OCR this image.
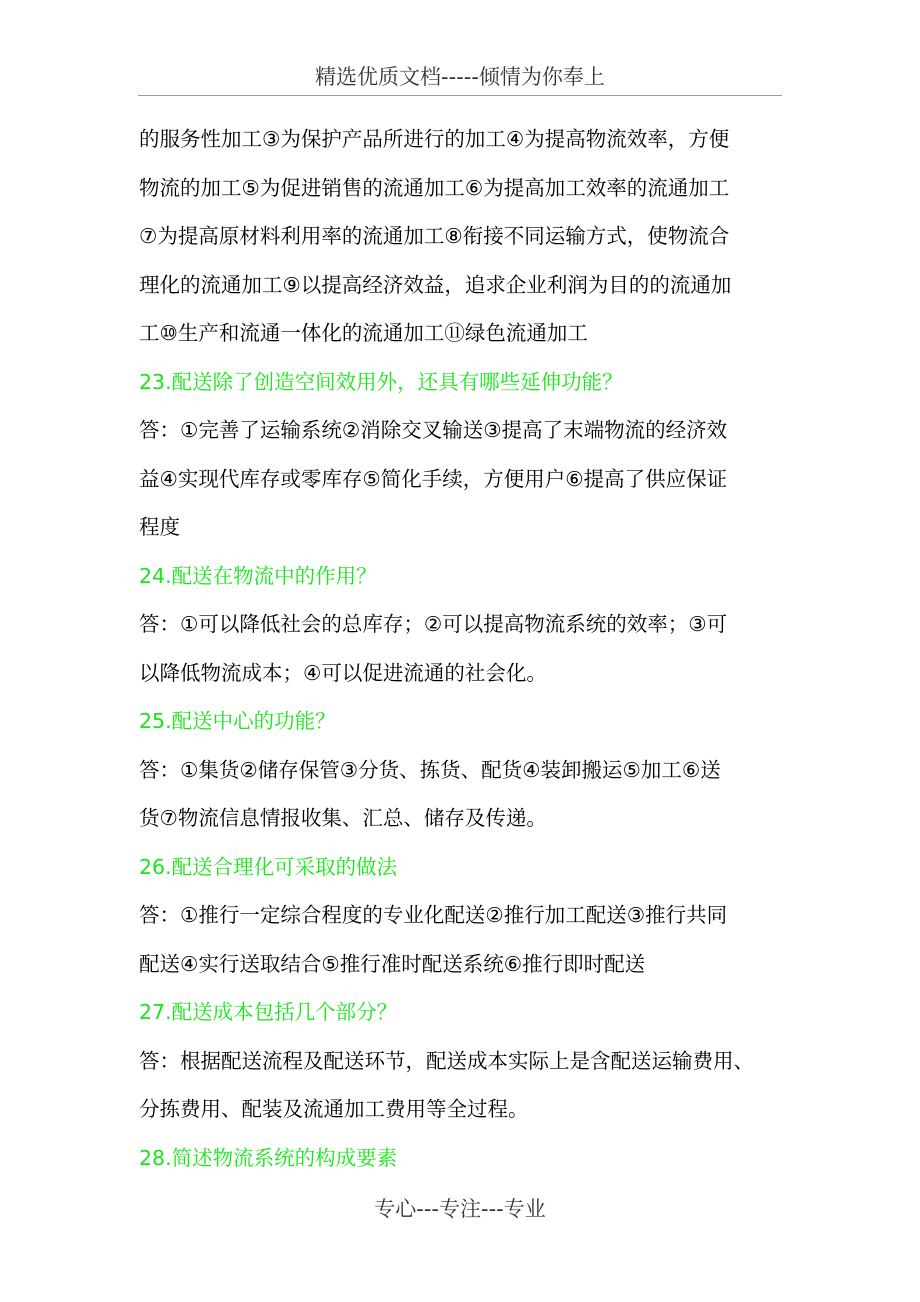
精选优质文档-----倾情为你奉上
的服务性加工③为保护产品所进行的加工④为提高物流效率，方便
物流的加工⑤为促进销售的流通加工⑥为提高加工效率的流通加工
⑦为提高原材料利用率的流通加工⑧衔接不同运输方式，使物流合
理化的流通加工⑨以提高经济效益，追求企业利润为目的的流通加
工⑩生产和流通一体化的流通加工⑪绿色流通加工
23.配送除了创造空间效用外，还具有哪些延伸功能？
答：①完善了运输系统②消除交叉输送③提高了末端物流的经济效
益④实现代库存或零库存⑤简化手续，方便用户⑥提高了供应保证
程度
24.配送在物流中的作用？
答：①可以降低社会的总库存；②可以提高物流系统的效率；③可
以降低物流成本；④可以促进流通的社会化。
25.配送中心的功能？
答：①集货②储存保管③分货、拣货、配货④装卸搬运⑤加工⑥送
货⑦物流信息情报收集、汇总、储存及传递。
26.配送合理化可采取的做法
答：①推行一定综合程度的专业化配送②推行加工配送③推行共同
配送④实行送取结合⑤推行准时配送系统⑥推行即时配送
27.配送成本包括几个部分？
答：根据配送流程及配送环节，配送成本实际上是含配送运输费用、
分拣费用、配装及流通加工费用等全过程。
28.简述物流系统的构成要素
专心---专注---专业
